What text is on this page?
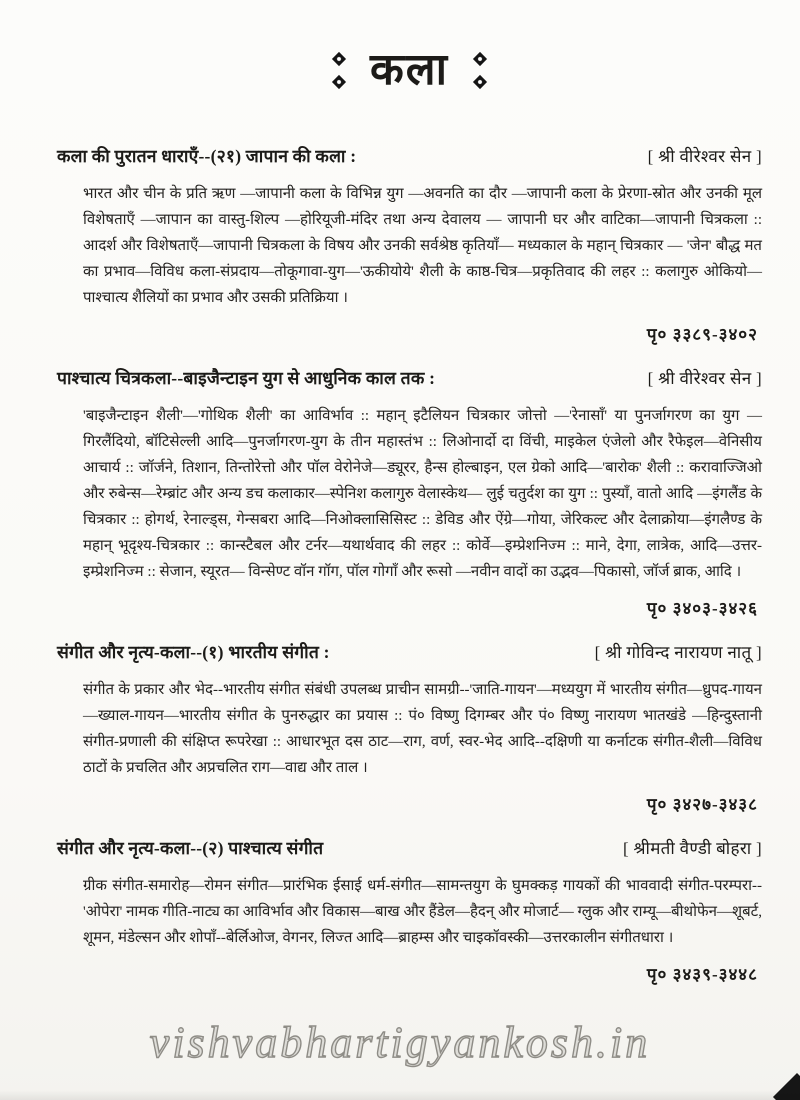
कला
कला की पुरातन धाराएँ--(२१) जापान की कला :	[ श्री वीरेश्वर सेन ]

भारत और चीन के प्रति ऋण —जापानी कला के विभिन्न युग —अवनति का दौर —जापानी कला के प्रेरणा-स्रोत और उनकी मूल विशेषताएँ —जापान का वास्तु-शिल्प —होरियूजी-मंदिर तथा अन्य देवालय — जापानी घर और वाटिका—जापानी चित्रकला :: आदर्श और विशेषताएँ—जापानी चित्रकला के विषय और उनकी सर्वश्रेष्ठ कृतियाँ— मध्यकाल के महान् चित्रकार — 'जेन' बौद्ध मत का प्रभाव—विविध कला-संप्रदाय—तोकूगावा-युग—'ऊकीयोये' शैली के काष्ठ-चित्र—प्रकृतिवाद की लहर :: कलागुरु ओकियो—पाश्चात्य शैलियों का प्रभाव और उसकी प्रतिक्रिया ।

पृ० ३३८९-३४०२
पाश्चात्य चित्रकला--बाइजैन्टाइन युग से आधुनिक काल तक :	[ श्री वीरेश्वर सेन ]

'बाइजैन्टाइन शैली'—'गोथिक शैली' का आविर्भाव :: महान् इटैलियन चित्रकार जोत्तो —'रेनासाँ' या पुनर्जागरण का युग —गिरलैंदियो, बॉटिसेल्ली आदि—पुनर्जागरण-युग के तीन महास्तंभ :: लिओनार्दो दा विंची, माइकेल एंजेलो और रैफेइल—वेनिसीय आचार्य :: जॉर्जने, तिशान, तिन्तोरेत्तो और पॉल वेरोनेजे—ड्यूरर, हैन्स होल्बाइन, एल ग्रेको आदि—'बारोक' शैली :: करावाज्जिओ और रुबेन्स—रेम्ब्रांट और अन्य डच कलाकार—स्पेनिश कलागुरु वेलास्केथ— लुई चतुर्दश का युग :: पुस्याँ, वातो आदि —इंगलैंड के चित्रकार :: होगर्थ, रेनाल्ड्स, गेन्सबरा आदि—निओक्लासिसिस्ट :: डेविड और ऐंग्रे—गोया, जेरिकल्ट और देलाक्रोया—इंगलैण्ड के महान् भूदृश्य-चित्रकार :: कान्स्टैबल और टर्नर—यथार्थवाद की लहर :: कोर्वे—इम्प्रेशनिज्म :: माने, देगा, लात्रेक, आदि—उत्तर-इम्प्रेशनिज्म :: सेजान, स्यूरत— विन्सेण्ट वॉन गॉग, पॉल गोगाँ और रूसो —नवीन वादों का उद्भव—पिकासो, जॉर्ज ब्राक, आदि ।

पृ० ३४०३-३४२६
संगीत और नृत्य-कला--(१) भारतीय संगीत :	[ श्री गोविन्द नारायण नातू ]

संगीत के प्रकार और भेद--भारतीय संगीत संबंधी उपलब्ध प्राचीन सामग्री--'जाति-गायन'—मध्ययुग में भारतीय संगीत—ध्रुपद-गायन—ख्याल-गायन—भारतीय संगीत के पुनरुद्धार का प्रयास :: पं० विष्णु दिगम्बर और पं० विष्णु नारायण भातखंडे —हिन्दुस्तानी संगीत-प्रणाली की संक्षिप्त रूपरेखा :: आधारभूत दस ठाट—राग, वर्ण, स्वर-भेद आदि--दक्षिणी या कर्नाटक संगीत-शैली—विविध ठाटों के प्रचलित और अप्रचलित राग—वाद्य और ताल ।

पृ० ३४२७-३४३८
संगीत और नृत्य-कला--(२) पाश्चात्य संगीत	[ श्रीमती वैण्डी बोहरा ]

ग्रीक संगीत-समारोह—रोमन संगीत—प्रारंभिक ईसाई धर्म-संगीत—सामन्तयुग के घुमक्कड़ गायकों की भाववादी संगीत-परम्परा--'ओपेरा' नामक गीति-नाट्य का आविर्भाव और विकास—बाख और हैंडेल—हैदन् और मोजार्ट— ग्लुक और राम्यू—बीथोफेन—शूबर्ट, शूमन, मंडेल्सन और शोपाँ--बेर्लिओज, वेगनर, लिज्त आदि—ब्राहम्स और चाइकॉवस्की—उत्तरकालीन संगीतधारा ।

पृ० ३४३९-३४४८
vishvabhartigyankosh.in
